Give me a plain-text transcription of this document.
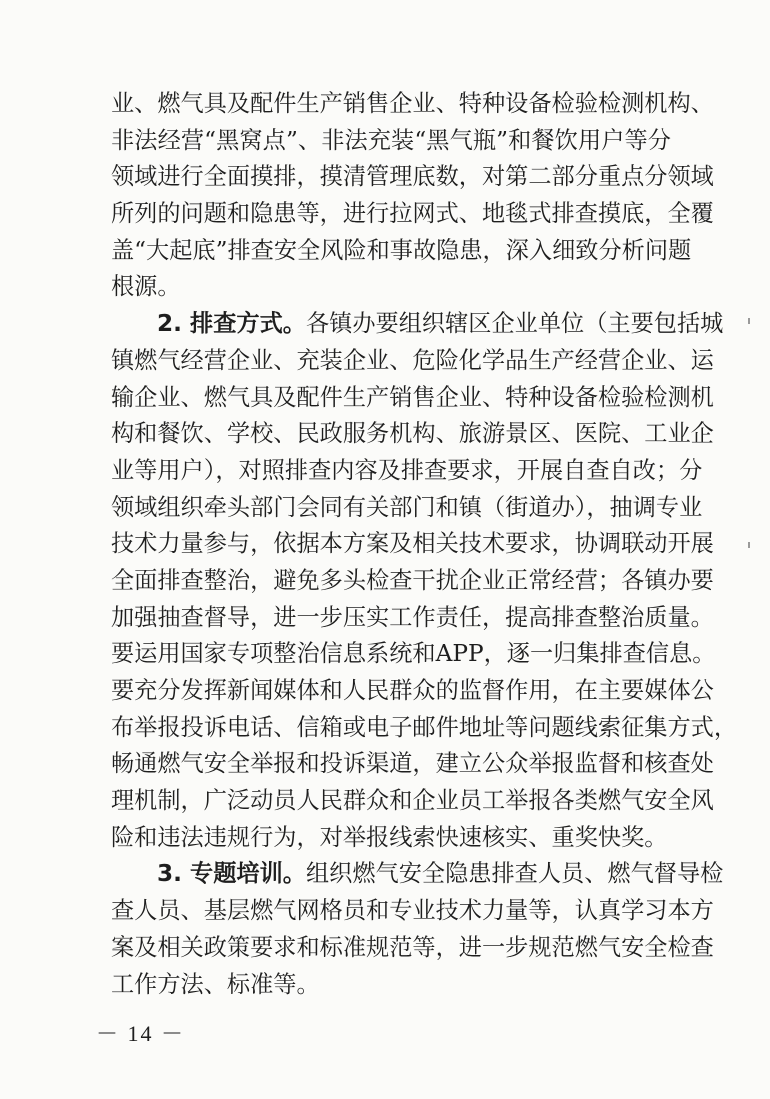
业、燃气具及配件生产销售企业、特种设备检验检测机构、
非法经营“黑窝点”、非法充装“黑气瓶”和餐饮用户等分
领域进行全面摸排，摸清管理底数，对第二部分重点分领域
所列的问题和隐患等，进行拉网式、地毯式排查摸底，全覆
盖“大起底”排查安全风险和事故隐患，深入细致分析问题
根源。
2. 排查方式。各镇办要组织辖区企业单位（主要包括城
镇燃气经营企业、充装企业、危险化学品生产经营企业、运
输企业、燃气具及配件生产销售企业、特种设备检验检测机
构和餐饮、学校、民政服务机构、旅游景区、医院、工业企
业等用户），对照排查内容及排查要求，开展自查自改；分
领域组织牵头部门会同有关部门和镇（街道办），抽调专业
技术力量参与，依据本方案及相关技术要求，协调联动开展
全面排查整治，避免多头检查干扰企业正常经营；各镇办要
加强抽查督导，进一步压实工作责任，提高排查整治质量。
要运用国家专项整治信息系统和APP，逐一归集排查信息。
要充分发挥新闻媒体和人民群众的监督作用，在主要媒体公
布举报投诉电话、信箱或电子邮件地址等问题线索征集方式，
畅通燃气安全举报和投诉渠道，建立公众举报监督和核查处
理机制，广泛动员人民群众和企业员工举报各类燃气安全风
险和违法违规行为，对举报线索快速核实、重奖快奖。
3. 专题培训。组织燃气安全隐患排查人员、燃气督导检
查人员、基层燃气网格员和专业技术力量等，认真学习本方
案及相关政策要求和标准规范等，进一步规范燃气安全检查
工作方法、标准等。
－ 14 －
